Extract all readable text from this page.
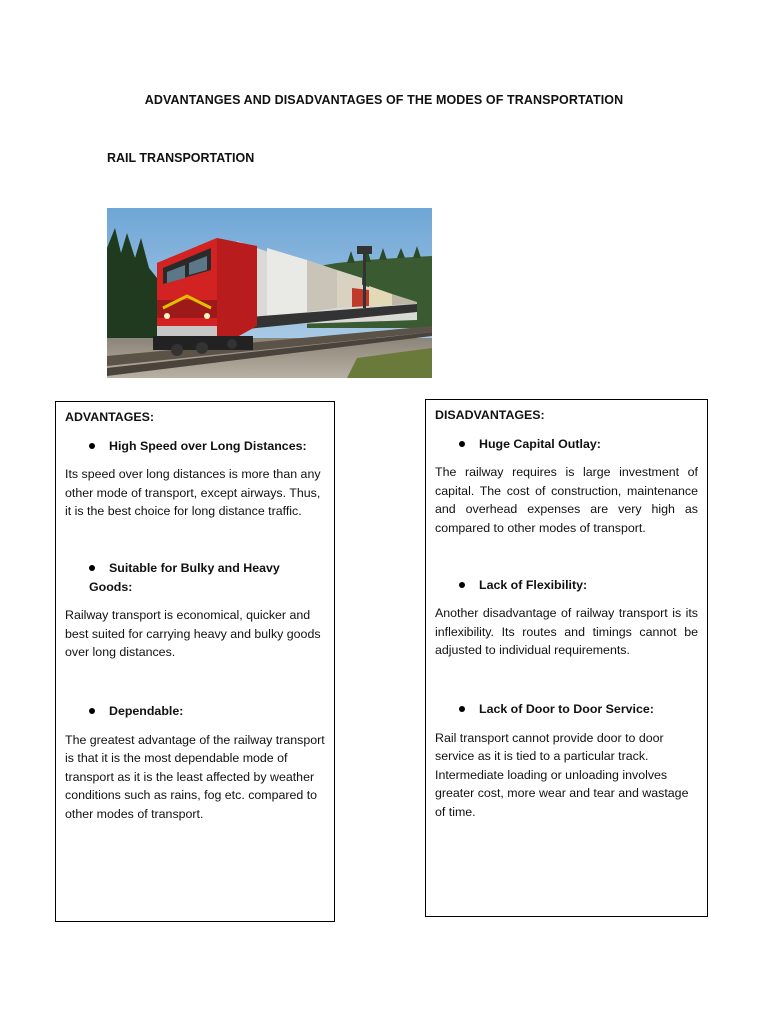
ADVANTANGES AND DISADVANTAGES OF THE MODES OF TRANSPORTATION
RAIL TRANSPORTATION

ADVANTAGES:

High Speed over Long Distances:

Its speed over long distances is more than any other mode of transport, except airways. Thus, it is the best choice for long distance traffic.

Suitable for Bulky and Heavy Goods:

Railway transport is economical, quicker and best suited for carrying heavy and bulky goods over long distances.

Dependable:

The greatest advantage of the railway transport is that it is the most dependable mode of transport as it is the least affected by weather conditions such as rains, fog etc. compared to other modes of transport.

DISADVANTAGES:

Huge Capital Outlay:

The railway requires is large investment of capital. The cost of construction, maintenance and overhead expenses are very high as compared to other modes of transport.

Lack of Flexibility:

Another disadvantage of railway transport is its inflexibility. Its routes and timings cannot be adjusted to individual requirements.

Lack of Door to Door Service:

Rail transport cannot provide door to door service as it is tied to a particular track. Intermediate loading or unloading involves greater cost, more wear and tear and wastage of time.
